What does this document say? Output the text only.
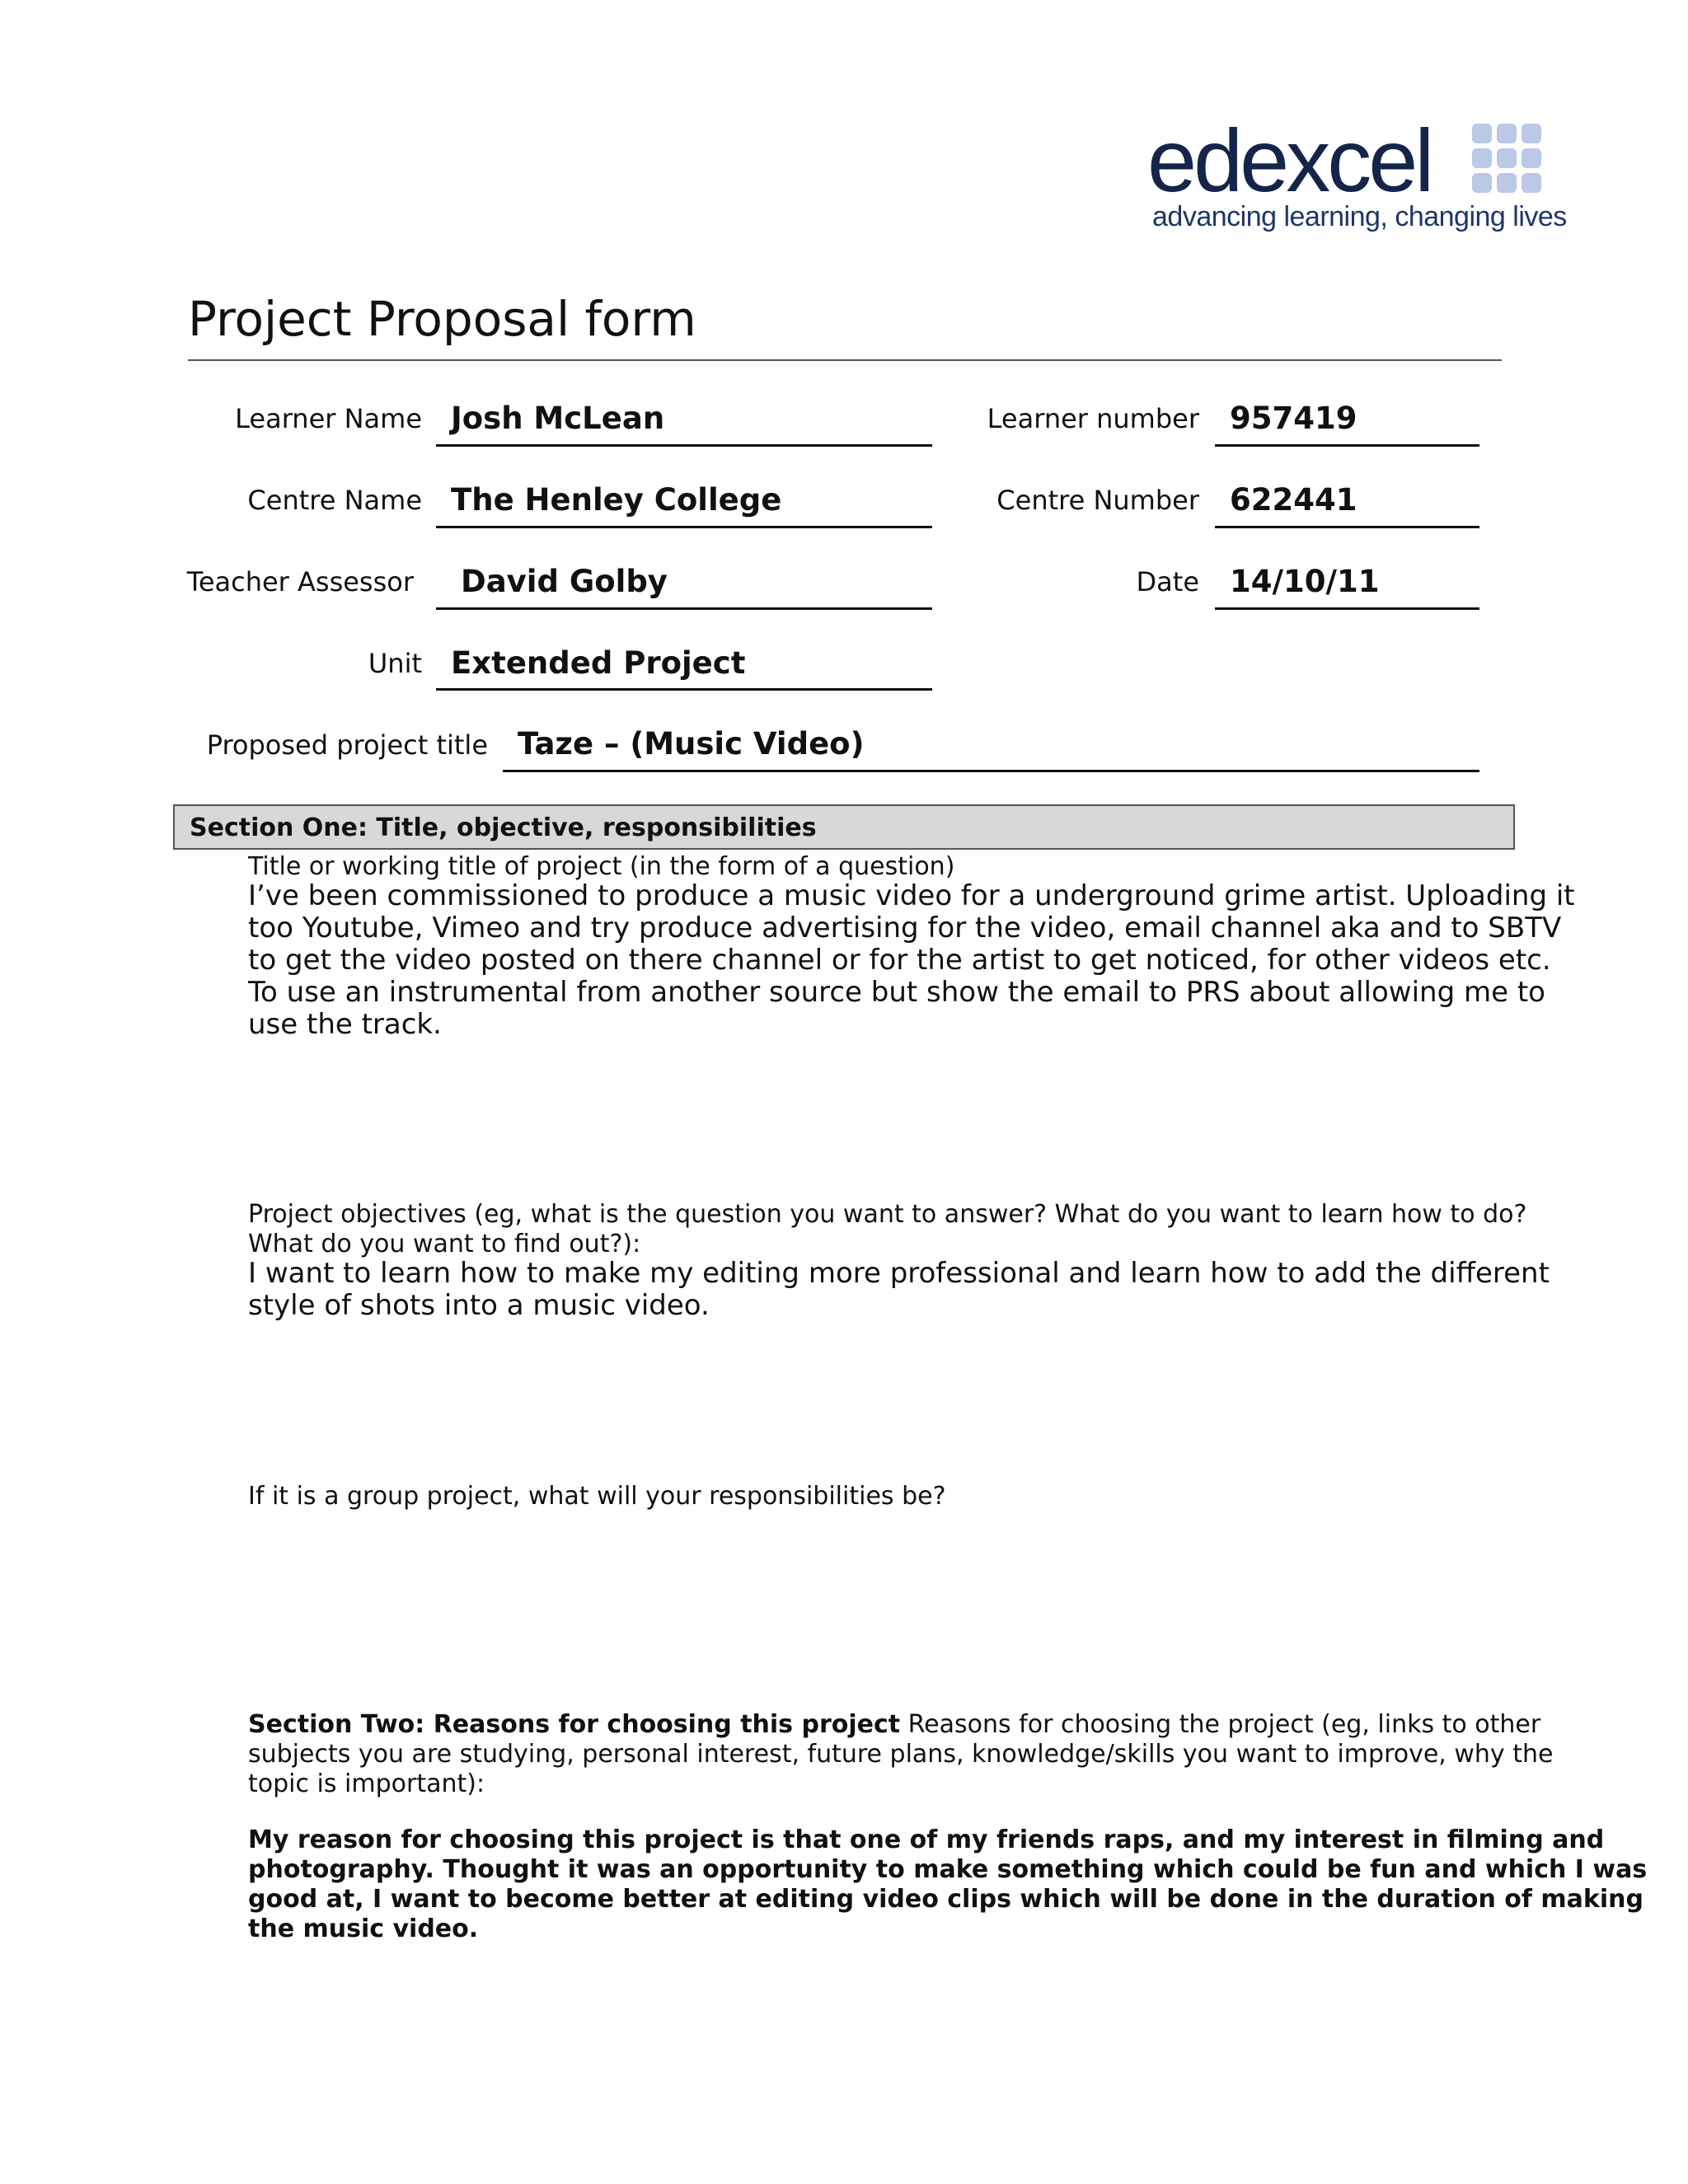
edexcel
advancing learning, changing lives
Project Proposal form
Learner Name Josh McLean	Learner number 957419
Centre Name The Henley College	Centre Number 622441
Teacher Assessor David Golby	Date 14/10/11
Unit Extended Project
Proposed project title Taze – (Music Video)
Section One: Title, objective, responsibilities
Title or working title of project (in the form of a question)

I’ve been commissioned to produce a music video for a underground grime artist. Uploading it

too Youtube, Vimeo and try produce advertising for the video, email channel aka and to SBTV

to get the video posted on there channel or for the artist to get noticed, for other videos etc.

To use an instrumental from another source but show the email to PRS about allowing me to

use the track.

Project objectives (eg, what is the question you want to answer? What do you want to learn how to do?

What do you want to find out?):

I want to learn how to make my editing more professional and learn how to add the different

style of shots into a music video.

If it is a group project, what will your responsibilities be?

Section Two: Reasons for choosing this project Reasons for choosing the project (eg, links to other

subjects you are studying, personal interest, future plans, knowledge/skills you want to improve, why the

topic is important):

My reason for choosing this project is that one of my friends raps, and my interest in filming and

photography. Thought it was an opportunity to make something which could be fun and which I was

good at, I want to become better at editing video clips which will be done in the duration of making

the music video.
